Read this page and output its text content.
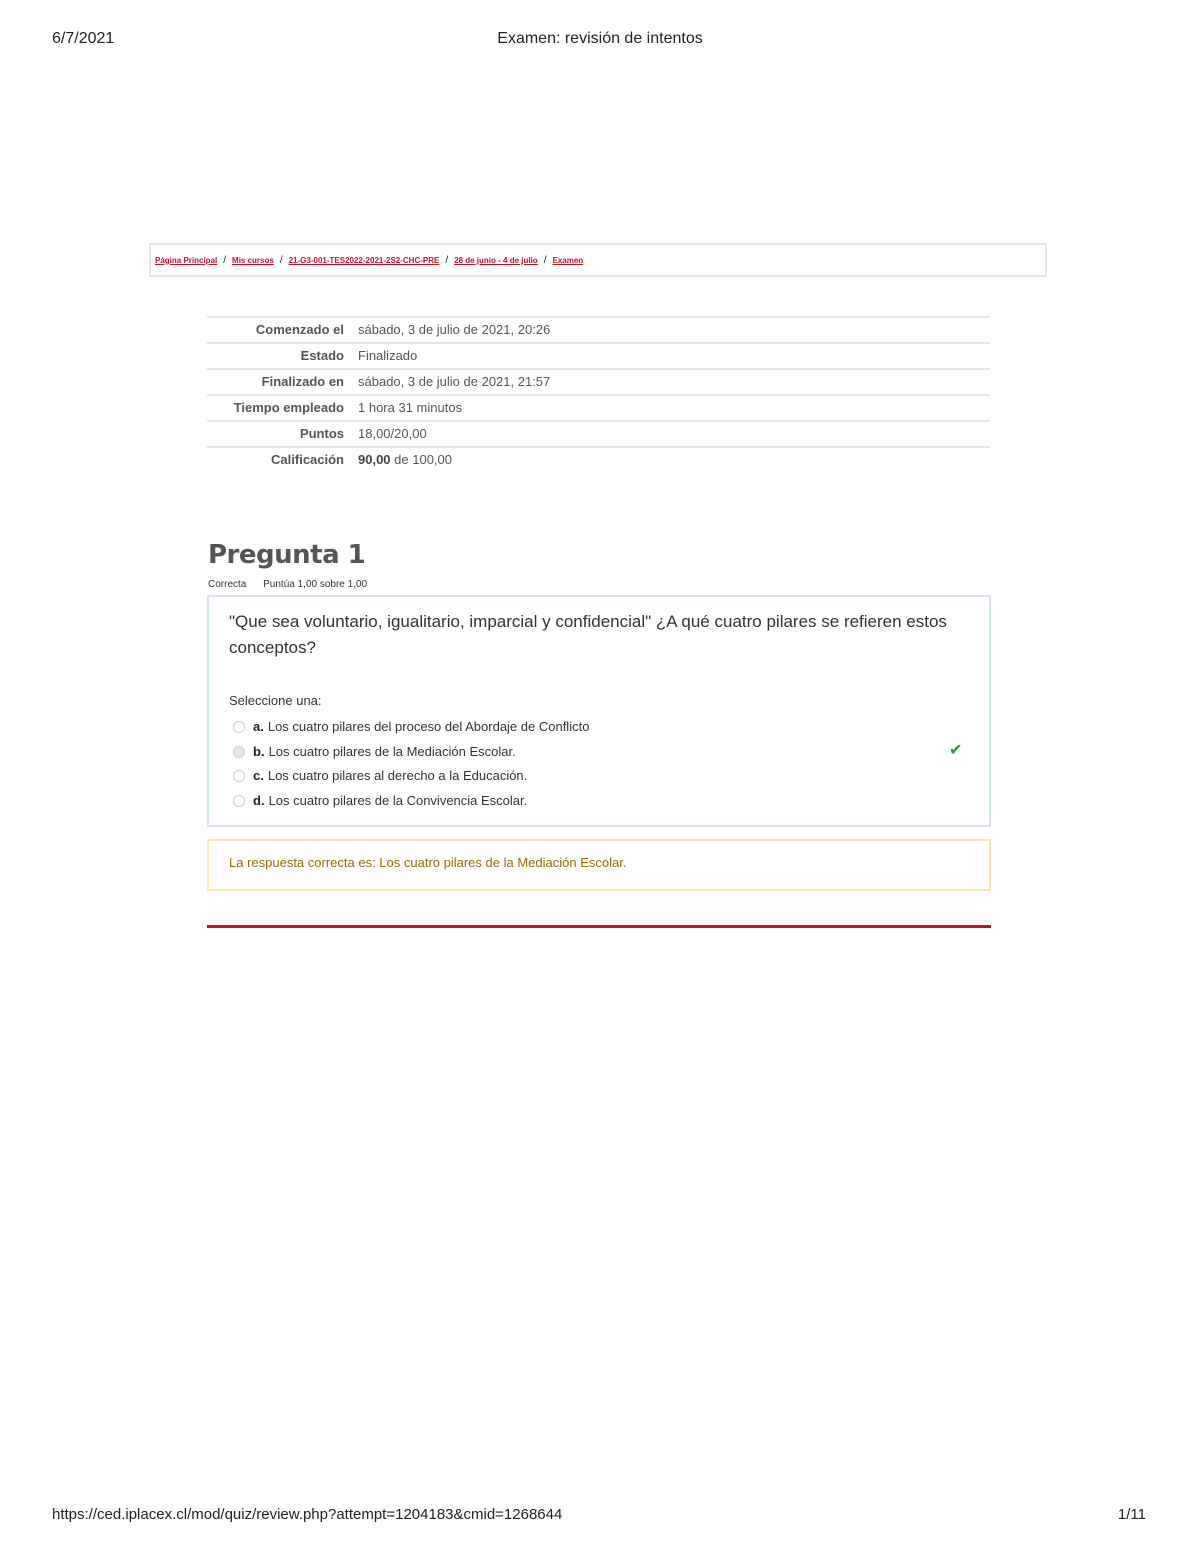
6/7/2021	Examen: revisión de intentos
Página Principal / Mis cursos / 21-G3-001-TES2022-2021-2S2-CHC-PRE / 28 de junio - 4 de julio / Examen
Comenzado el	sábado, 3 de julio de 2021, 20:26
Estado	Finalizado
Finalizado en	sábado, 3 de julio de 2021, 21:57
Tiempo empleado	1 hora 31 minutos
Puntos	18,00/20,00
Calificación	90,00 de 100,00
Pregunta 1
Correcta Puntúa 1,00 sobre 1,00
"Que sea voluntario, igualitario, imparcial y confidencial" ¿A qué cuatro pilares se refieren estos conceptos?
Seleccione una:
a. Los cuatro pilares del proceso del Abordaje de Conflicto
b. Los cuatro pilares de la Mediación Escolar.
c. Los cuatro pilares al derecho a la Educación.
d. Los cuatro pilares de la Convivencia Escolar.
✔
La respuesta correcta es: Los cuatro pilares de la Mediación Escolar.
https://ced.iplacex.cl/mod/quiz/review.php?attempt=1204183&cmid=1268644	1/11
